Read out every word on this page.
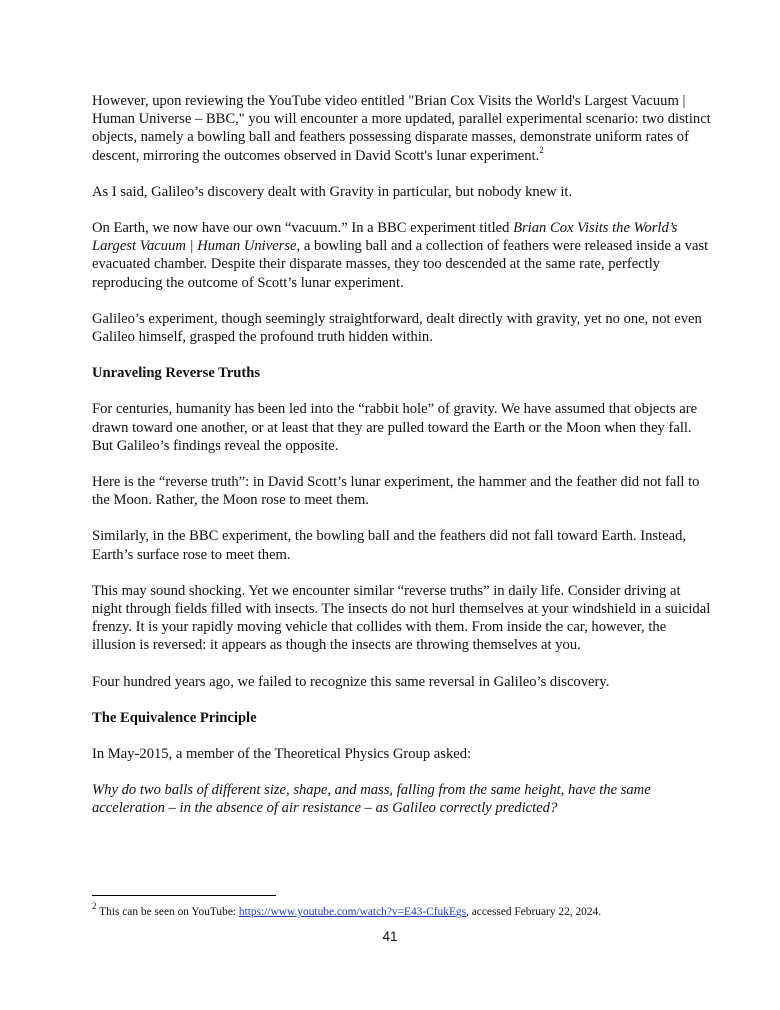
However, upon reviewing the YouTube video entitled "Brian Cox Visits the World's Largest Vacuum | Human Universe – BBC," you will encounter a more updated, parallel experimental scenario: two distinct objects, namely a bowling ball and feathers possessing disparate masses, demonstrate uniform rates of descent, mirroring the outcomes observed in David Scott's lunar experiment.$^2$

As I said, Galileo’s discovery dealt with Gravity in particular, but nobody knew it.

On Earth, we now have our own “vacuum.” In a BBC experiment titled Brian Cox Visits the World’s Largest Vacuum | Human Universe, a bowling ball and a collection of feathers were released inside a vast evacuated chamber. Despite their disparate masses, they too descended at the same rate, perfectly reproducing the outcome of Scott’s lunar experiment.

Galileo’s experiment, though seemingly straightforward, dealt directly with gravity, yet no one, not even Galileo himself, grasped the profound truth hidden within.

Unraveling Reverse Truths

For centuries, humanity has been led into the “rabbit hole” of gravity. We have assumed that objects are drawn toward one another, or at least that they are pulled toward the Earth or the Moon when they fall. But Galileo’s findings reveal the opposite.

Here is the “reverse truth”: in David Scott’s lunar experiment, the hammer and the feather did not fall to the Moon. Rather, the Moon rose to meet them.

Similarly, in the BBC experiment, the bowling ball and the feathers did not fall toward Earth. Instead, Earth’s surface rose to meet them.

This may sound shocking. Yet we encounter similar “reverse truths” in daily life. Consider driving at night through fields filled with insects. The insects do not hurl themselves at your windshield in a suicidal frenzy. It is your rapidly moving vehicle that collides with them. From inside the car, however, the illusion is reversed: it appears as though the insects are throwing themselves at you.

Four hundred years ago, we failed to recognize this same reversal in Galileo’s discovery.

The Equivalence Principle

In May-2015, a member of the Theoretical Physics Group asked:

Why do two balls of different size, shape, and mass, falling from the same height, have the same acceleration – in the absence of air resistance – as Galileo correctly predicted?

$^2$ This can be seen on YouTube: https://www.youtube.com/watch?v=E43-CfukEgs, accessed February 22, 2024.

41
